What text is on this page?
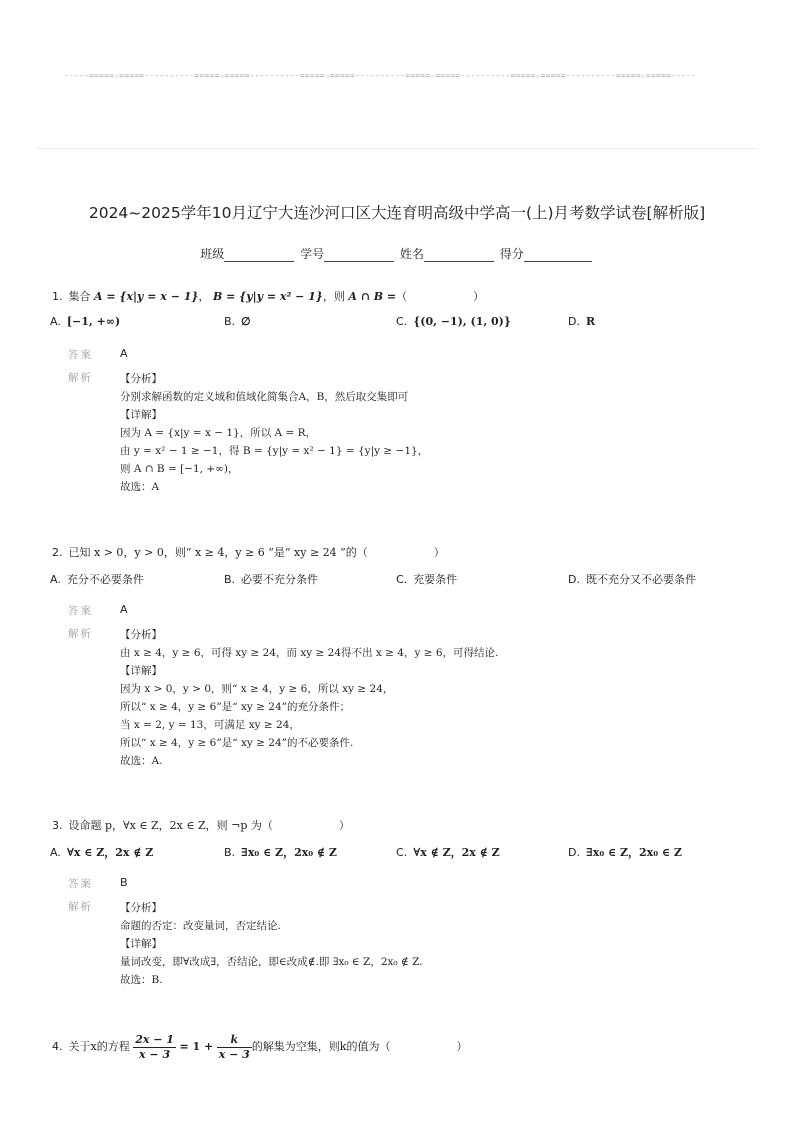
-----=====☆=====----------=====☆=====----------=====☆=====----------=====☆=====----------=====☆=====----------=====☆=====-----
2024~2025学年10月辽宁大连沙河口区大连育明高级中学高一(上)月考数学试卷[解析版]
班级	学号	姓名	得分
1. 集合 A = {x|y = x − 1}， B = {y|y = x² − 1}，则 A ∩ B =（　　　　　　）
A. [−1, +∞)	B. ∅	C. {(0, −1), (1, 0)}	D. R
答案 A
解析	【分析】
分别求解函数的定义域和值域化简集合A，B，然后取交集即可
【详解】
因为 A = {x|y = x − 1}，所以 A = R，
由 y = x² − 1 ≥ −1，得 B = {y|y = x² − 1} = {y|y ≥ −1}，
则 A ∩ B = [−1, +∞)，
故选：A
2. 已知 x > 0，y > 0，则“ x ≥ 4，y ≥ 6 ”是“ xy ≥ 24 ”的（　　　　　　）
A. 充分不必要条件	B. 必要不充分条件	C. 充要条件	D. 既不充分又不必要条件
答案 A
解析	【分析】
由 x ≥ 4，y ≥ 6，可得 xy ≥ 24，而 xy ≥ 24得不出 x ≥ 4，y ≥ 6，可得结论.
【详解】
因为 x > 0，y > 0，则“ x ≥ 4，y ≥ 6，所以 xy ≥ 24，
所以“ x ≥ 4，y ≥ 6”是“ xy ≥ 24”的充分条件；
当 x = 2, y = 13，可满足 xy ≥ 24，
所以“ x ≥ 4，y ≥ 6”是“ xy ≥ 24”的不必要条件.
故选：A.
3. 设命题 p，∀x ∈ Z，2x ∈ Z，则 ¬p 为（　　　　　　）
A. ∀x ∈ Z，2x ∉ Z	B. ∃x₀ ∈ Z，2x₀ ∉ Z	C. ∀x ∉ Z，2x ∉ Z	D. ∃x₀ ∈ Z，2x₀ ∈ Z
答案 B
解析	【分析】
命题的否定：改变量词，否定结论.
【详解】
量词改变，即∀改成∃，否结论，即∈改成∉.即 ∃x₀ ∈ Z，2x₀ ∉ Z.
故选：B.
4. 关于x的方程 $\frac{2x - 1}{x - 3} = 1 + \frac{k}{x - 3}$ 的解集为空集，则k的值为（　　　　　　）
